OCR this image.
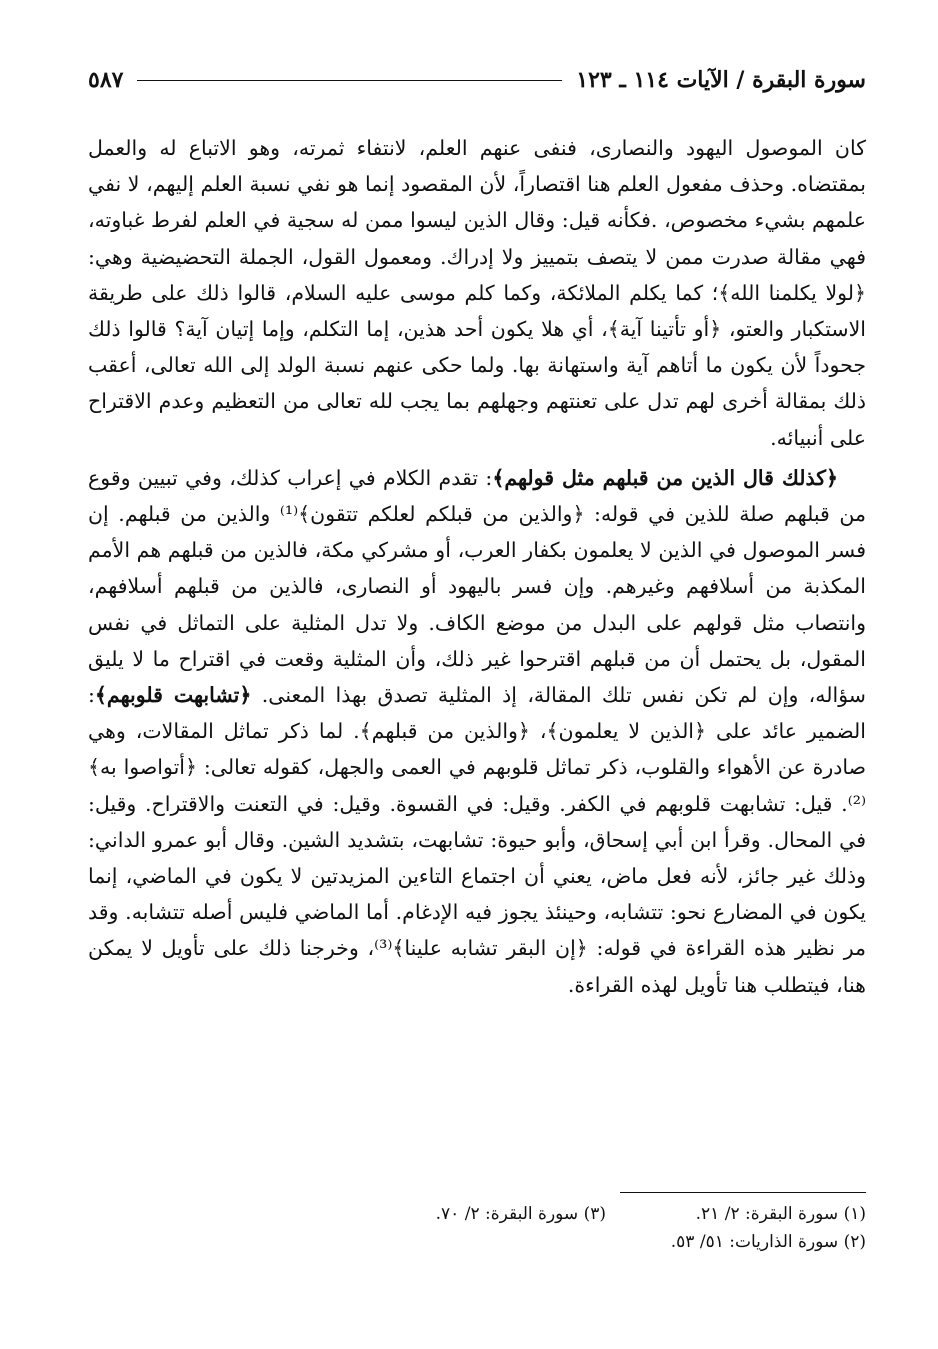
سورة البقرة / الآيات ١١٤ ـ ١٢٣
٥٨٧

كان الموصول اليهود والنصارى، فنفى عنهم العلم، لانتفاء ثمرته، وهو الاتباع له والعمل بمقتضاه. وحذف مفعول العلم هنا اقتصاراً، لأن المقصود إنما هو نفي نسبة العلم إليهم، لا نفي علمهم بشيء مخصوص، .فكأنه قيل: وقال الذين ليسوا ممن له سجية في العلم لفرط غباوته، فهي مقالة صدرت ممن لا يتصف بتمييز ولا إدراك. ومعمول القول، الجملة التحضيضية وهي: ﴿لولا يكلمنا الله﴾؛ كما يكلم الملائكة، وكما كلم موسى عليه السلام، قالوا ذلك على طريقة الاستكبار والعتو، ﴿أو تأتينا آية﴾، أي هلا يكون أحد هذين، إما التكلم، وإما إتيان آية؟ قالوا ذلك جحوداً لأن يكون ما أتاهم آية واستهانة بها. ولما حكى عنهم نسبة الولد إلى الله تعالى، أعقب ذلك بمقالة أخرى لهم تدل على تعنتهم وجهلهم بما يجب لله تعالى من التعظيم وعدم الاقتراح على أنبيائه.

﴿كذلك قال الذين من قبلهم مثل قولهم﴾: تقدم الكلام في إعراب كذلك، وفي تبيين وقوع من قبلهم صلة للذين في قوله: ﴿والذين من قبلكم لعلكم تتقون﴾⁽¹⁾ والذين من قبلهم. إن فسر الموصول في الذين لا يعلمون بكفار العرب، أو مشركي مكة، فالذين من قبلهم هم الأمم المكذبة من أسلافهم وغيرهم. وإن فسر باليهود أو النصارى، فالذين من قبلهم أسلافهم، وانتصاب مثل قولهم على البدل من موضع الكاف. ولا تدل المثلية على التماثل في نفس المقول، بل يحتمل أن من قبلهم اقترحوا غير ذلك، وأن المثلية وقعت في اقتراح ما لا يليق سؤاله، وإن لم تكن نفس تلك المقالة، إذ المثلية تصدق بهذا المعنى. ﴿تشابهت قلوبهم﴾: الضمير عائد على ﴿الذين لا يعلمون﴾، ﴿والذين من قبلهم﴾. لما ذكر تماثل المقالات، وهي صادرة عن الأهواء والقلوب، ذكر تماثل قلوبهم في العمى والجهل، كقوله تعالى: ﴿أتواصوا به﴾⁽²⁾. قيل: تشابهت قلوبهم في الكفر. وقيل: في القسوة. وقيل: في التعنت والاقتراح. وقيل: في المحال. وقرأ ابن أبي إسحاق، وأبو حيوة: تشابهت، بتشديد الشين. وقال أبو عمرو الداني: وذلك غير جائز، لأنه فعل ماض، يعني أن اجتماع التاءين المزيدتين لا يكون في الماضي، إنما يكون في المضارع نحو: تتشابه، وحينئذ يجوز فيه الإدغام. أما الماضي فليس أصله تتشابه. وقد مر نظير هذه القراءة في قوله: ﴿إن البقر تشابه علينا﴾⁽³⁾، وخرجنا ذلك على تأويل لا يمكن هنا، فيتطلب هنا تأويل لهذه القراءة.

(١) سورة البقرة: ٢/ ٢١.
(٣) سورة البقرة: ٢/ ٧٠.
(٢) سورة الذاريات: ٥١/ ٥٣.
